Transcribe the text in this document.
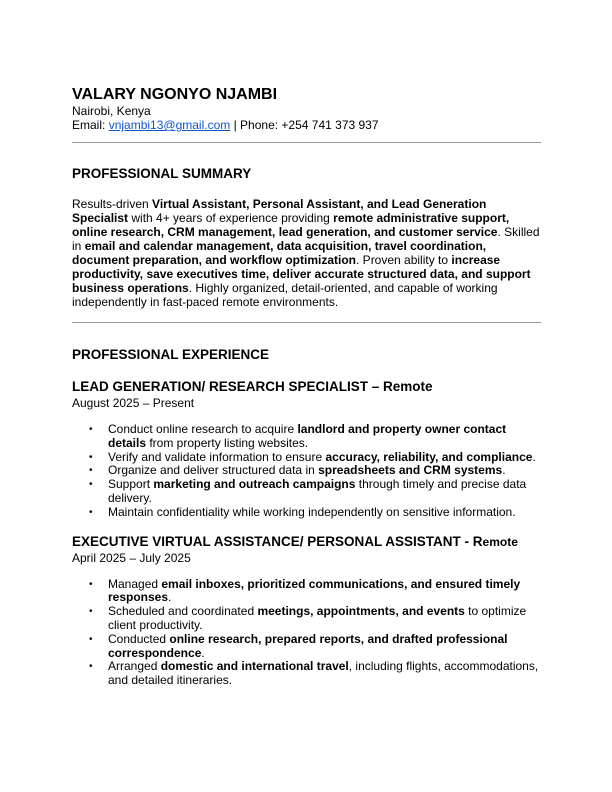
VALARY NGONYO NJAMBI

Nairobi, Kenya

Email: vnjambi13@gmail.com | Phone: +254 741 373 937

PROFESSIONAL SUMMARY

Results-driven Virtual Assistant, Personal Assistant, and Lead Generation Specialist with 4+ years of experience providing remote administrative support, online research, CRM management, lead generation, and customer service. Skilled in email and calendar management, data acquisition, travel coordination, document preparation, and workflow optimization. Proven ability to increase productivity, save executives time, deliver accurate structured data, and support business operations. Highly organized, detail-oriented, and capable of working independently in fast-paced remote environments.

PROFESSIONAL EXPERIENCE

LEAD GENERATION/ RESEARCH SPECIALIST – Remote

August 2025 – Present

• Conduct online research to acquire landlord and property owner contact details from property listing websites.
• Verify and validate information to ensure accuracy, reliability, and compliance.
• Organize and deliver structured data in spreadsheets and CRM systems.
• Support marketing and outreach campaigns through timely and precise data delivery.
• Maintain confidentiality while working independently on sensitive information.

EXECUTIVE VIRTUAL ASSISTANCE/ PERSONAL ASSISTANT - Remote

April 2025 – July 2025

• Managed email inboxes, prioritized communications, and ensured timely responses.
• Scheduled and coordinated meetings, appointments, and events to optimize client productivity.
• Conducted online research, prepared reports, and drafted professional correspondence.
• Arranged domestic and international travel, including flights, accommodations, and detailed itineraries.
